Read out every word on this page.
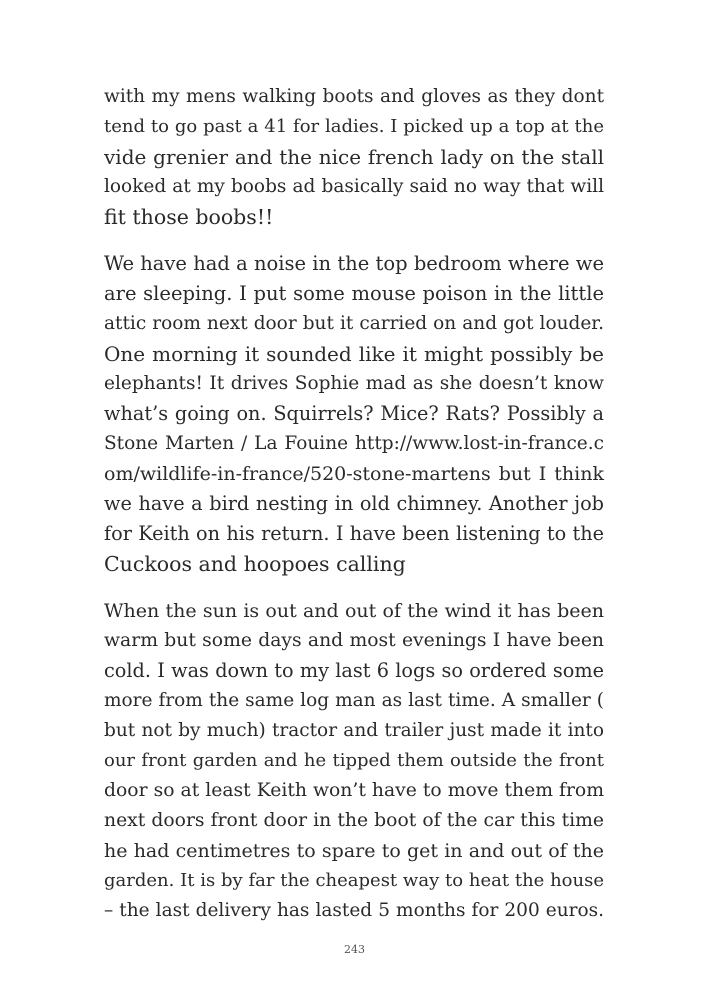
with my mens walking boots and gloves as they dont
tend to go past a 41 for ladies. I picked up a top at the
vide grenier and the nice french lady on the stall
looked at my boobs ad basically said no way that will
fit those boobs!!
We have had a noise in the top bedroom where we
are sleeping. I put some mouse poison in the little
attic room next door but it carried on and got louder.
One morning it sounded like it might possibly be
elephants! It drives Sophie mad as she doesn’t know
what’s going on. Squirrels? Mice? Rats? Possibly a
Stone Marten / La Fouine http://www.lost-in-france.c
om/wildlife-in-france/520-stone-martens but I think
we have a bird nesting in old chimney. Another job
for Keith on his return. I have been listening to the
Cuckoos and hoopoes calling
When the sun is out and out of the wind it has been
warm but some days and most evenings I have been
cold. I was down to my last 6 logs so ordered some
more from the same log man as last time. A smaller (
but not by much) tractor and trailer just made it into
our front garden and he tipped them outside the front
door so at least Keith won’t have to move them from
next doors front door in the boot of the car this time
he had centimetres to spare to get in and out of the
garden. It is by far the cheapest way to heat the house
– the last delivery has lasted 5 months for 200 euros.
243
